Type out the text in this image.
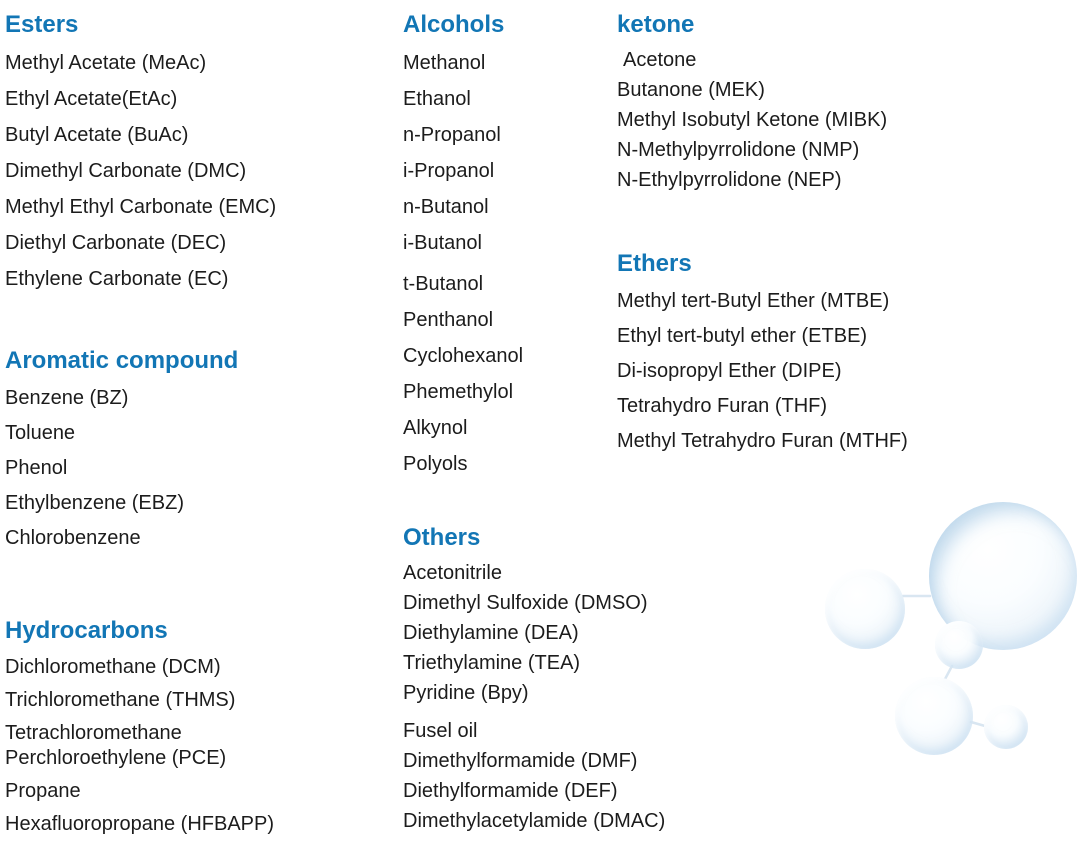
Esters
Methyl Acetate (MeAc)
Ethyl Acetate(EtAc)
Butyl Acetate (BuAc)
Dimethyl Carbonate (DMC)
Methyl Ethyl Carbonate (EMC)
Diethyl Carbonate (DEC)
Ethylene Carbonate (EC)
Aromatic compound
Benzene (BZ)
Toluene
Phenol
Ethylbenzene (EBZ)
Chlorobenzene
Hydrocarbons
Dichloromethane (DCM)
Trichloromethane (THMS)
Tetrachloromethane
Perchloroethylene (PCE)
Propane
Hexafluoropropane (HFBAPP)
Alcohols
Methanol
Ethanol
n-Propanol
i-Propanol
n-Butanol
i-Butanol
t-Butanol
Penthanol
Cyclohexanol
Phemethylol
Alkynol
Polyols
Others
Acetonitrile
Dimethyl Sulfoxide (DMSO)
Diethylamine (DEA)
Triethylamine (TEA)
Pyridine (Bpy)
Fusel oil
Dimethylformamide (DMF)
Diethylformamide (DEF)
Dimethylacetylamide (DMAC)
ketone
Acetone
Butanone (MEK)
Methyl Isobutyl Ketone (MIBK)
N-Methylpyrrolidone (NMP)
N-Ethylpyrrolidone (NEP)
Ethers
Methyl tert-Butyl Ether (MTBE)
Ethyl tert-butyl ether (ETBE)
Di-isopropyl Ether (DIPE)
Tetrahydro Furan (THF)
Methyl Tetrahydro Furan (MTHF)
